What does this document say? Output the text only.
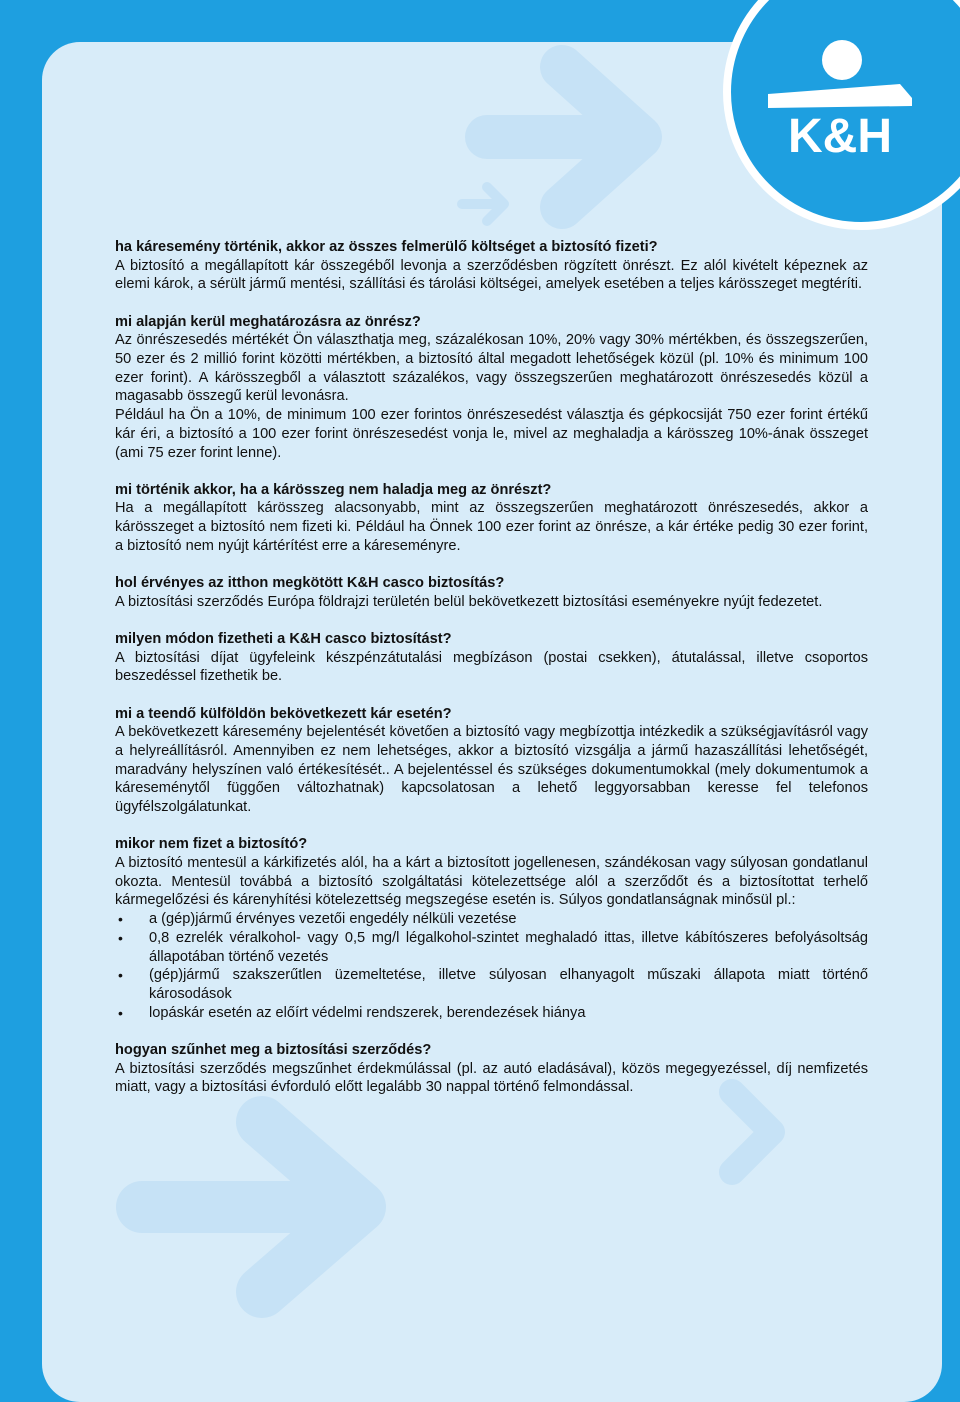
K&H
ha káresemény történik, akkor az összes felmerülő költséget a biztosító fizeti?

A biztosító a megállapított kár összegéből levonja a szerződésben rögzített önrészt. Ez alól kivételt képeznek az elemi károk, a sérült jármű mentési, szállítási és tárolási költségei, amelyek esetében a teljes kárösszeget megtéríti.

mi alapján kerül meghatározásra az önrész?

Az önrészesedés mértékét Ön választhatja meg, százalékosan 10%, 20% vagy 30% mértékben, és összegszerűen, 50 ezer és 2 millió forint közötti mértékben, a biztosító által megadott lehetőségek közül (pl. 10% és minimum 100 ezer forint). A kárösszegből a választott százalékos, vagy összegszerűen meghatározott önrészesedés közül a magasabb összegű kerül levonásra.

Például ha Ön a 10%, de minimum 100 ezer forintos önrészesedést választja és gépkocsiját 750 ezer forint értékű kár éri, a biztosító a 100 ezer forint önrészesedést vonja le, mivel az meghaladja a kárösszeg 10%-ának összeget (ami 75 ezer forint lenne).

mi történik akkor, ha a kárösszeg nem haladja meg az önrészt?

Ha a megállapított kárösszeg alacsonyabb, mint az összegszerűen meghatározott önrészesedés, akkor a kárösszeget a biztosító nem fizeti ki. Például ha Önnek 100 ezer forint az önrésze, a kár értéke pedig 30 ezer forint, a biztosító nem nyújt kártérítést erre a káreseményre.

hol érvényes az itthon megkötött K&H casco biztosítás?

A biztosítási szerződés Európa földrajzi területén belül bekövetkezett biztosítási eseményekre nyújt fedezetet.

milyen módon fizetheti a K&H casco biztosítást?

A biztosítási díjat ügyfeleink készpénzátutalási megbízáson (postai csekken), átutalással, illetve csoportos beszedéssel fizethetik be.

mi a teendő külföldön bekövetkezett kár esetén?

A bekövetkezett káresemény bejelentését követően a biztosító vagy megbízottja intézkedik a szükségjavításról vagy a helyreállításról. Amennyiben ez nem lehetséges, akkor a biztosító vizsgálja a jármű hazaszállítási lehetőségét, maradvány helyszínen való értékesítését.. A bejelentéssel és szükséges dokumentumokkal (mely dokumentumok a káreseménytől függően változhatnak) kapcsolatosan a lehető leggyorsabban keresse fel telefonos ügyfélszolgálatunkat.

mikor nem fizet a biztosító?

A biztosító mentesül a kárkifizetés alól, ha a kárt a biztosított jogellenesen, szándékosan vagy súlyosan gondatlanul okozta. Mentesül továbbá a biztosító szolgáltatási kötelezettsége alól a szerződőt és a biztosítottat terhelő kármegelőzési és kárenyhítési kötelezettség megszegése esetén is. Súlyos gondatlanságnak minősül pl.:

• a (gép)jármű érvényes vezetői engedély nélküli vezetése
• 0,8 ezrelék véralkohol- vagy 0,5 mg/l légalkohol-szintet meghaladó ittas, illetve kábítószeres befolyásoltság állapotában történő vezetés
• (gép)jármű szakszerűtlen üzemeltetése, illetve súlyosan elhanyagolt műszaki állapota miatt történő károsodások
• lopáskár esetén az előírt védelmi rendszerek, berendezések hiánya
hogyan szűnhet meg a biztosítási szerződés?

A biztosítási szerződés megszűnhet érdekmúlással (pl. az autó eladásával), közös megegyezéssel, díj nemfizetés miatt, vagy a biztosítási évforduló előtt legalább 30 nappal történő felmondással.
